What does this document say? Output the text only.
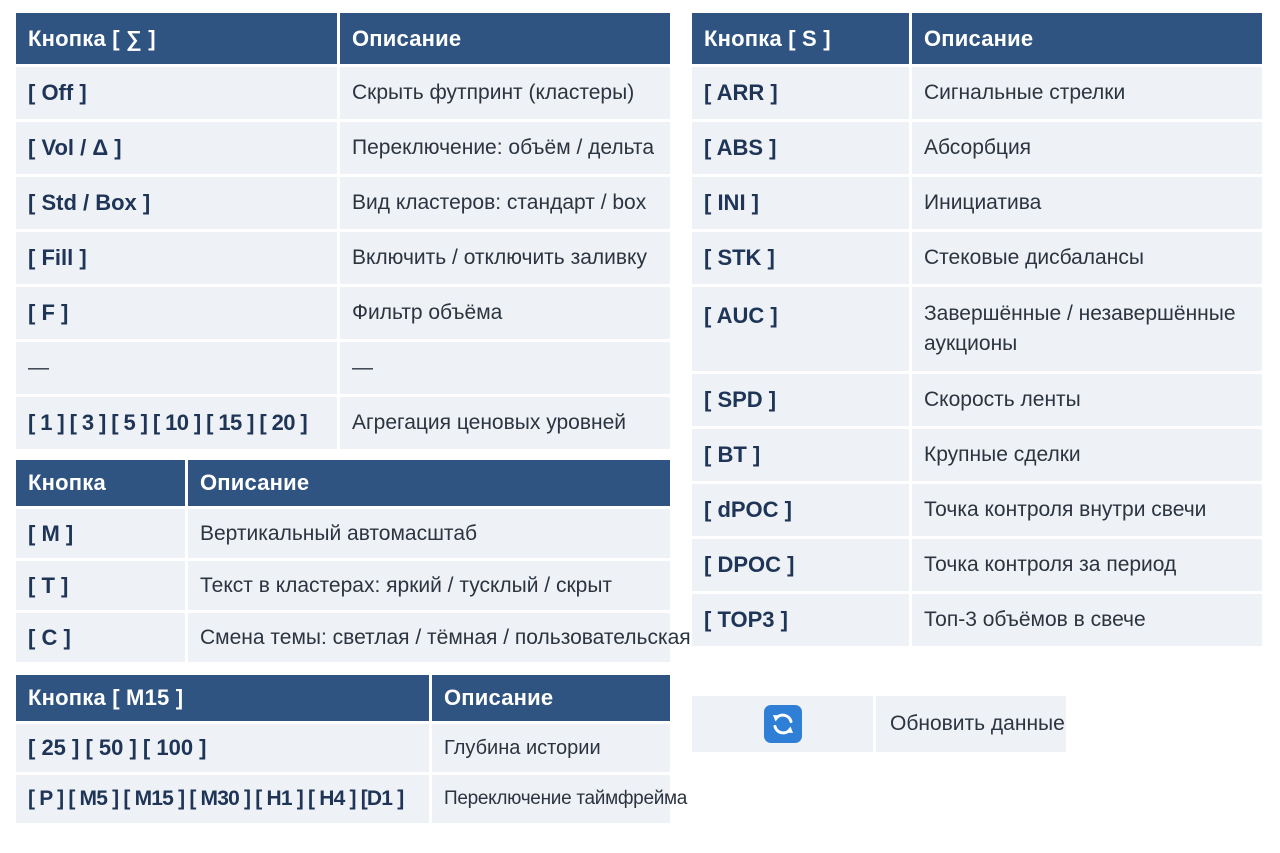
Кнопка [ ∑ ]	Описание
[ Off ]	Скрыть футпринт (кластеры)
[ Vol / Δ ]	Переключение: объём / дельта
[ Std / Box ]	Вид кластеров: стандарт / box
[ Fill ]	Включить / отключить заливку
[ F ]	Фильтр объёма
—	—
[ 1 ] [ 3 ] [ 5 ] [ 10 ] [ 15 ] [ 20 ]	Агрегация ценовых уровней
Кнопка	Описание
[ M ]	Вертикальный автомасштаб
[ T ]	Текст в кластерах: яркий / тусклый / скрыт
[ C ]	Смена темы: светлая / тёмная / пользовательская
Кнопка [ M15 ]	Описание
[ 25 ] [ 50 ] [ 100 ]	Глубина истории
[ P ] [ M5 ] [ M15 ] [ M30 ] [ H1 ] [ H4 ] [D1 ]	Переключение таймфрейма
Кнопка [ S ]	Описание
[ ARR ]	Сигнальные стрелки
[ ABS ]	Абсорбция
[ INI ]	Инициатива
[ STK ]	Стековые дисбалансы
[ AUC ]	Завершённые / незавершённые аукционы
[ SPD ]	Скорость ленты
[ BT ]	Крупные сделки
[ dPOC ]	Точка контроля внутри свечи
[ DPOC ]	Точка контроля за период
[ TOP3 ]	Топ-3 объёмов в свече
Обновить данные
